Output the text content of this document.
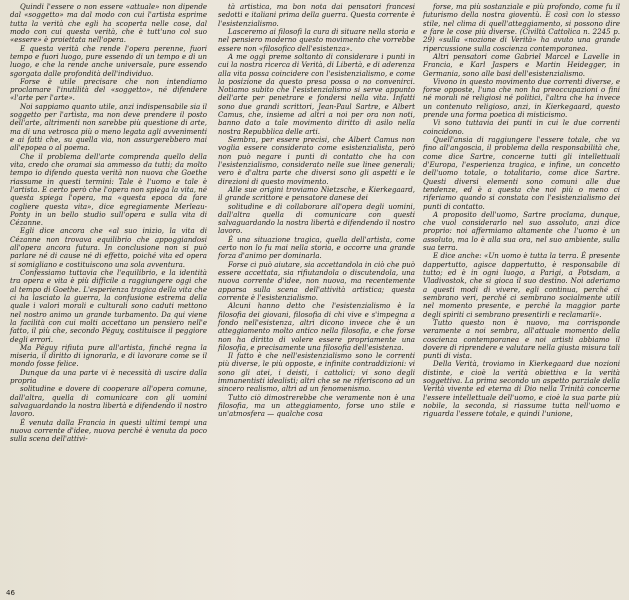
Quindi l'essere o non essere «attuale» non dipende dal «soggetto» ma dal modo con cui l'artista esprime tutta la verità che egli ha scoperta nelle cose, dal modo con cui questa verità, che è tutt'uno col suo «essere» è proiettata nell'opera.

E questa verità che rende l'opera perenne, fuori tempo e fuori luogo, pure essendo di un tempo e di un luogo, e che la rende anche universale, pure essendo sgorgata dalle profondità dell'individuo.

Forse è utile precisare che non intendiamo proclamare l'inutilità del «soggetto», né difendere «l'arte per l'arte».

Noi sappiamo quanto utile, anzi indispensabile sia il soggetto per l'artista, ma non deve prendere il posto dell'arte, altrimenti non sarebbe più questione di arte, ma di una vetrosca più o meno legata agli avvenimenti e ai fatti che, su quella via, non assurgerebbero mai all'epopea o al poema.

Che il problema dell'arte comprenda quello della vita, credo che oramai sia ammesso da tutti; da molto tempo io difendo questa verità non nuova che Goethe riassume in questi termini: Tale è l'uomo e tale è l'artista. E certo però che l'opera non spiega la vita, né questa spiega l'opera, ma «questa epoca da fare cogliere questa vita», dice egregiamente Merleau-Ponty in un bello studio sull'opera e sulla vita di Cézanne.

Egli dice ancora che «al suo inizio, la vita di Cézanne non trovava equilibrio che appoggiandosi all'opera ancora futura. In conclusione non si può parlare né di cause né di effetto, poiché vita ed opera si somigliano e costituiscono una sola avventura.

Confessiamo tuttavia che l'equilibrio, e la identità tra opera e vita è più difficile a raggiungere oggi che al tempo di Goethe. L'esperienza tragica della vita che ci ha lasciato la guerra, la confusione estrema della quale i valori morali e culturali sono caduti mettono nel nostro animo un grande turbamento. Da qui viene la facilità con cui molti accettano un pensiero nell'e fatto, il più che, secondo Péguy, costituisce il peggiore degli errori.

Ma Péguy rifiuta pure all'artista, finché regna la miseria, il diritto di ignorarla, e di lavorare come se il mondo fosse felice.

Dunque da una parte vi è necessità di uscire dalla propria

solitudine e dovere di cooperare all'opera comune, dall'altra, quella di comunicare con gli uomini salvaguardando la nostra libertà e difendendo il nostro lavoro.

È venuta dalla Francia in questi ultimi tempi una nuova corrente d'idee, nuova perché è venuta da poco sulla scena dell'attivi-

tà artistica, ma bon nota dai pensatori francesi sedotti e italiani prima della guerra. Questa corrente è l'esistenzialismo.

Lasceremo ai filosofi la cura di situare nella storia e nel pensiero moderno questo movimento che vorrebbe essere non «filosofico dell'esistenza».

A me oggi preme soltanto di considerare i punti in cui la nostra ricerca di Verità, di Libertà, e di aderenza alla vita possa coincidere con l'esistenzialismo, e come la posizione da questo presa possa o no convenirci. Notiamo subito che l'esistenzialismo si serve appunto dell'arte per penetrare e fondersi nella vita. Infatti sono due grandi scrittori, Jean-Paul Sartre, e Albert Camus, che, insieme ad altri a noi per ora non noti, banno dato a tale movimento diritto di asilo nella nostra Repubblica delle arti.

Sembra, per essere precisi, che Albert Camus non voglia essere considerato come esistenzialista, però non può negare i punti di contatto che ha con l'esistenzialismo, considerato nelle sue linee generali; vero è d'altra parte che diversi sono gli aspetti e le direzioni di questo movimento.

Alle sue origini troviamo Nietzsche, e Kierkegaard, il grande scrittore e pensatore danese dei

solitudine e di collaborare all'opera degli uomini, dall'altra quella di comunicare con questi salvaguardando la nostra libertà e difendendo il nostro lavoro.

È una situazione tragica, quella dell'artista, come certo non lo fu mai nella storia, e occorre una grande forza d'animo per dominarla.

Forse ci può aiutare, sia accettandola in ciò che può essere accettata, sia rifiutandola o discutendola, una nuova corrente d'idee, non nuova, ma recentemente apparsa sulla scena dell'attività artistica; questa corrente è l'esistenzialismo.

Alcuni hanno detto che l'esistenzialismo è la filosofia dei giovani, filosofia di chi vive e s'impegna a fondo nell'esistenza, altri dicono invece che è un atteggiamento molto antico nella filosofia, e che forse non ha diritto di volere essere propriamente una filosofia, e precisamente una filosofia dell'esistenza.

Il fatto è che nell'esistenzialismo sono le correnti più diverse, le più opposte, e infinite contraddizioni: vi sono gli atei, i deisti, i cattolici; vi sono degli immanentisti idealisti; altri che se ne riferiscono ad un sincero realismo, altri ad un fenomenismo.

Tutto ciò dimostrerebbe che veramente non è una filosofia, ma un atteggiamento, forse uno stile e un'atmosfera — qualche cosa

forse, ma più sostanziale e più profondo, come fu il futurismo della nostra gioventù. E così con lo stesso stile, nel clima di quell'atteggiamento, si possono dire e fare le cose più diverse. (Civiltà Cattolica n. 2245 p. 29) «sulla «nozione di Verità» ha avuto una grande ripercussione sulla coscienza contemporanea.

Altri pensatori come Gabriel Marcel e Lavelle in Francia, e Karl Jaspers e Martin Heidegger, in Germania, sono alle basi dell'esistenzialismo.

Vivono in questo movimento due correnti diverse, e forse opposte, l'una che non ha preoccupazioni o fini né morali né religiosi né politici, l'altra che ha invece un contenuto religioso, anzi, in Kierkegaard, questo prende una forma poetica di misticismo.

Vi sono tuttavia dei punti in cui le due correnti coincidono.

Quell'ansia di raggiungere l'essere totale, che va fino all'angoscia, il problema della responsabilità che, come dice Sartre, concerne tutti gli intellettuali d'Europa, l'esperienza tragica, e infine, un concetto dell'uomo totale, o totalitario, come dice Sartre. Questi diversi elementi sono comuni alle due tendenze, ed è a questa che noi più o meno ci riferiamo quando si constata con l'esistenzialismo dei punti di contatto.

A proposito dell'uomo, Sartre proclama, dunque, che vuol considerarlo nel suo assoluto, anzi dice proprio: noi affermiamo altamente che l'uomo è un assoluto, ma lo è alla sua ora, nel suo ambiente, sulla sua terra.

E dice anche: «Un uomo è tutta la terra. È presente dappertutto, agisce dappertutto, è responsabile di tutto; ed è in ogni luogo, a Parigi, a Potsdam, a Vladivostok, che si gioca il suo destino. Noi aderiamo a questi modi di vivere, egli continua, perché ci sembrano veri, perché ci sembrano socialmente utili nel momento presente, e perché la maggior parte degli spiriti ci sembrano presentirli e reclamarli».

Tutto questo non è nuovo, ma corrisponde veramente a noi sembra, all'attuale momento della coscienza contemporanea e noi artisti abbiamo il dovere di riprendere e valutare nella giusta misura tali punti di vista.

Della Verità, troviamo in Kierkegaard due nozioni distinte, e cioè la verità obiettiva e la verità soggettiva. La prima secondo un aspetto parziale della Verità vivente ed eterna di Dio nella Trinità concerne l'essere intellettuale dell'uomo, e cioè la sua parte più nobile, la seconda, si riassume tutta nell'uomo e riguarda l'essere totale, e quindi l'unione,

46
